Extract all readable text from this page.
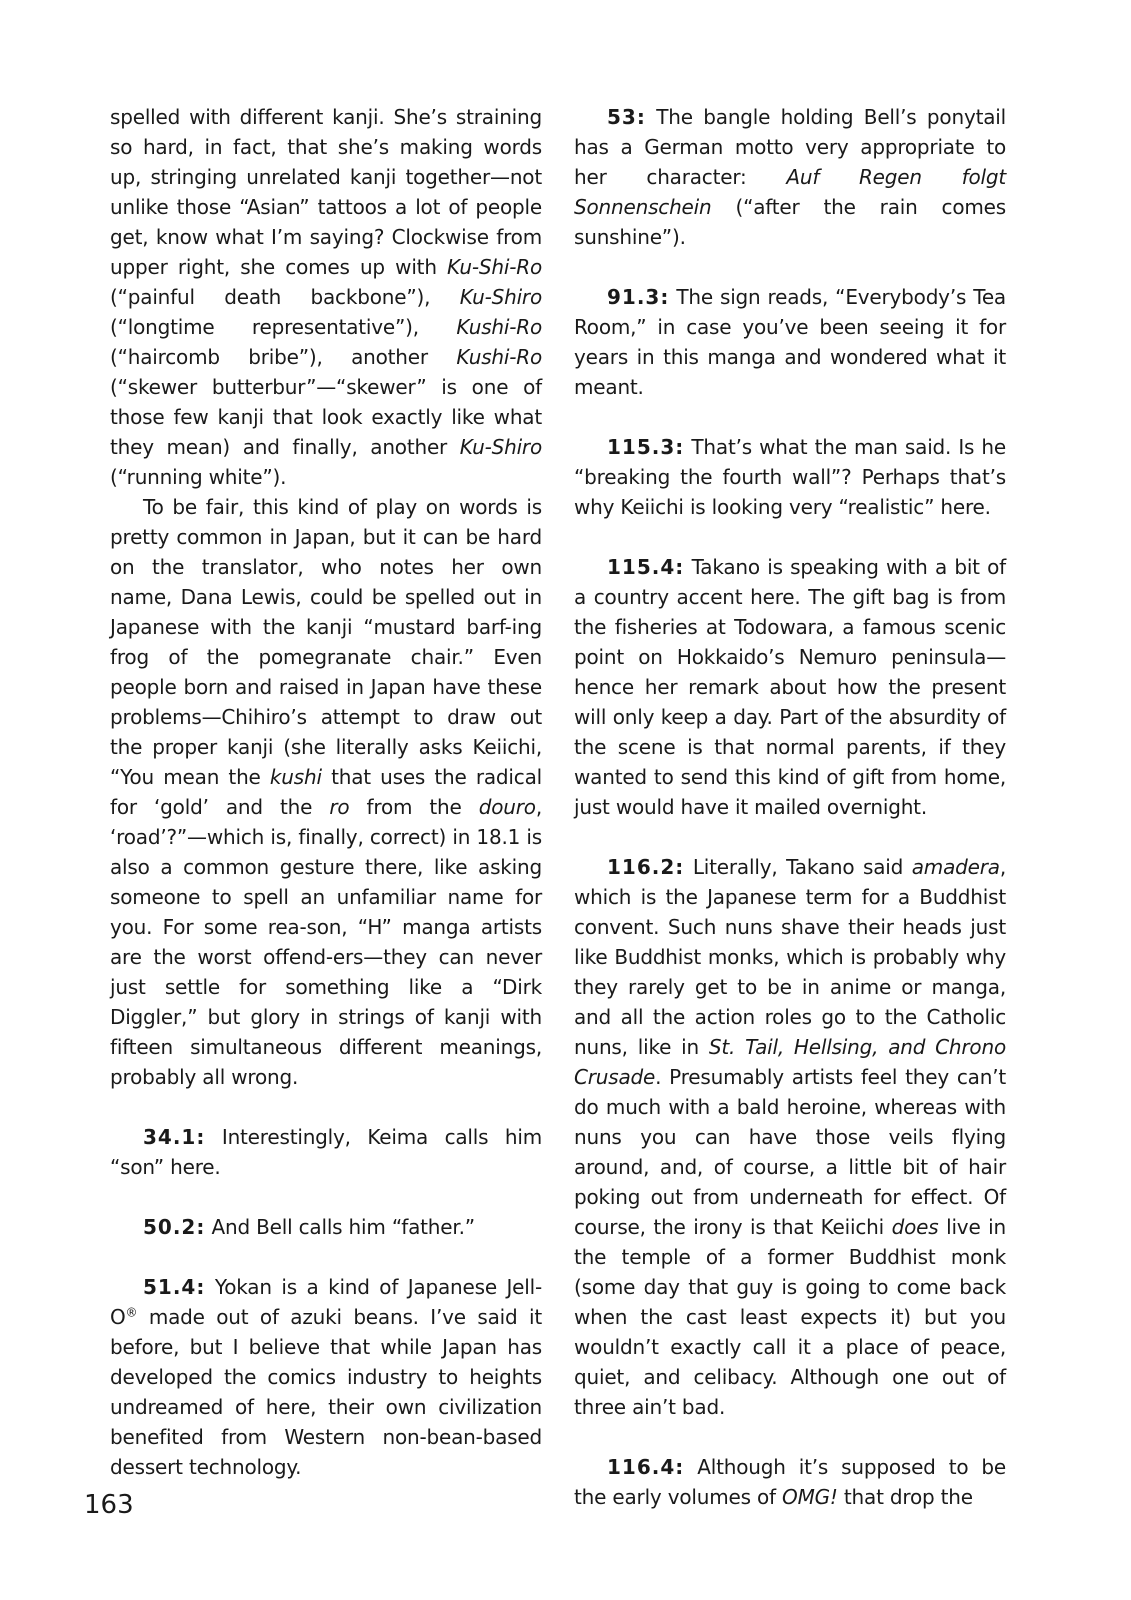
spelled with different kanji. She’s straining so hard, in fact, that she’s making words up, stringing unrelated kanji together—not unlike those “Asian” tattoos a lot of people get, know what I’m saying? Clockwise from upper right, she comes up with Ku-Shi-Ro (“painful death backbone”), Ku-Shiro (“longtime representative”), Kushi-Ro (“haircomb bribe”), another Kushi-Ro (“skewer butterbur”—“skewer” is one of those few kanji that look exactly like what they mean) and finally, another Ku-Shiro (“running white”).

To be fair, this kind of play on words is pretty common in Japan, but it can be hard on the translator, who notes her own name, Dana Lewis, could be spelled out in Japanese with the kanji “mustard barf-ing frog of the pomegranate chair.” Even people born and raised in Japan have these problems—Chihiro’s attempt to draw out the proper kanji (she literally asks Keiichi, “You mean the kushi that uses the radical for ‘gold’ and the ro from the douro, ‘road’?”—which is, finally, correct) in 18.1 is also a common gesture there, like asking someone to spell an unfamiliar name for you. For some rea-son, “H” manga artists are the worst offend-ers—they can never just settle for something like a “Dirk Diggler,” but glory in strings of kanji with fifteen simultaneous different meanings, probably all wrong.

34.1: Interestingly, Keima calls him “son” here.

50.2: And Bell calls him “father.”

51.4: Yokan is a kind of Japanese Jell-O® made out of azuki beans. I’ve said it before, but I believe that while Japan has developed the comics industry to heights undreamed of here, their own civilization benefited from Western non-bean-based dessert technology.

53: The bangle holding Bell’s ponytail has a German motto very appropriate to her character: Auf Regen folgt Sonnenschein (“after the rain comes sunshine”).

91.3: The sign reads, “Everybody’s Tea Room,” in case you’ve been seeing it for years in this manga and wondered what it meant.

115.3: That’s what the man said. Is he “breaking the fourth wall”? Perhaps that’s why Keiichi is looking very “realistic” here.

115.4: Takano is speaking with a bit of a country accent here. The gift bag is from the fisheries at Todowara, a famous scenic point on Hokkaido’s Nemuro peninsula—hence her remark about how the present will only keep a day. Part of the absurdity of the scene is that normal parents, if they wanted to send this kind of gift from home, just would have it mailed overnight.

116.2: Literally, Takano said amadera, which is the Japanese term for a Buddhist convent. Such nuns shave their heads just like Buddhist monks, which is probably why they rarely get to be in anime or manga, and all the action roles go to the Catholic nuns, like in St. Tail, Hellsing, and Chrono Crusade. Presumably artists feel they can’t do much with a bald heroine, whereas with nuns you can have those veils flying around, and, of course, a little bit of hair poking out from underneath for effect. Of course, the irony is that Keiichi does live in the temple of a former Buddhist monk (some day that guy is going to come back when the cast least expects it) but you wouldn’t exactly call it a place of peace, quiet, and celibacy. Although one out of three ain’t bad.

116.4: Although it’s supposed to be the early volumes of OMG! that drop the

163
